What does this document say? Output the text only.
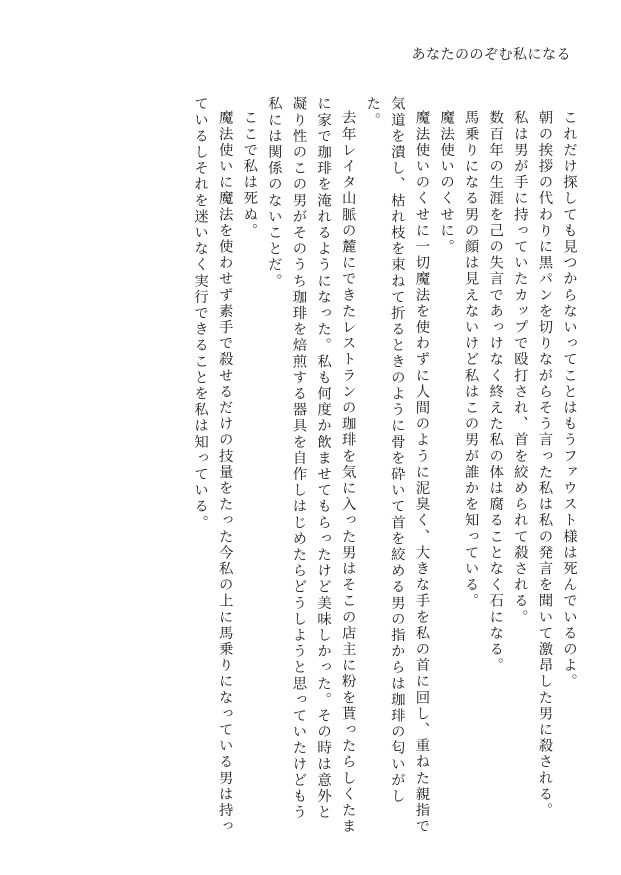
あなたののぞむ私になる

これだけ探しても見つからないってことはもうファウスト様は死んでいるのよ。

朝の挨拶の代わりに黒パンを切りながらそう言った私は私の発言を聞いて激昂した男に殺される。

私は男が手に持っていたカップで殴打され、首を絞められて殺される。

数百年の生涯を己の失言であっけなく終えた私の体は腐ることなく石になる。

馬乗りになる男の顔は見えないけど私はこの男が誰かを知っている。

魔法使いのくせに。

魔法使いのくせに一切魔法を使わずに人間のように泥臭く、大きな手を私の首に回し、重ねた親指で気道を潰し、枯れ枝を束ねて折るときのように骨を砕いて首を絞める男の指からは珈琲の匂いがした。

去年レイタ山脈の麓にできたレストランの珈琲を気に入った男はそこの店主に粉を貰ったらしくたまに家で珈琲を淹れるようになった。私も何度か飲ませてもらったけど美味しかった。その時は意外と凝り性のこの男がそのうち珈琲を焙煎する器具を自作しはじめたらどうしようと思っていたけどもう私には関係のないことだ。

ここで私は死ぬ。

魔法使いに魔法を使わせず素手で殺せるだけの技量をたった今私の上に馬乗りになっている男は持っているしそれを迷いなく実行できることを私は知っている。
